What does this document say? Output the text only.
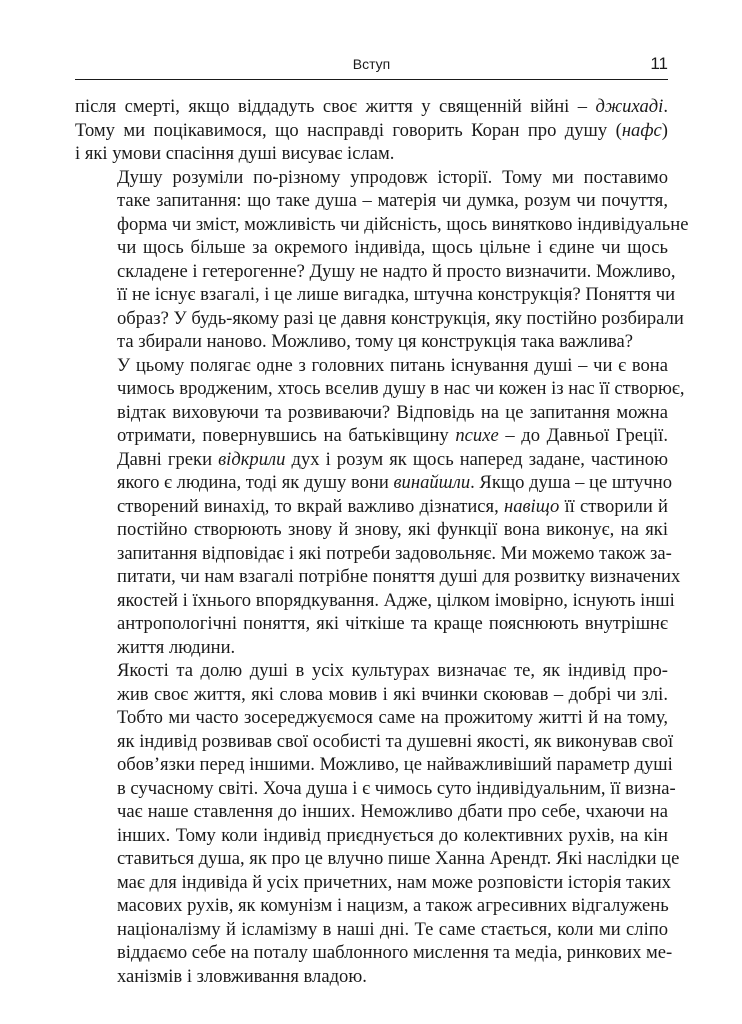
Вступ	11

після смерті, якщо віддадуть своє життя у священній війні – джихаді.
Тому ми поцікавимося, що насправді говорить Коран про душу (нафс)
і які умови спасіння душі висуває іслам.

Душу розуміли по-різному упродовж історії. Тому ми поставимо
таке запитання: що таке душа – матерія чи думка, розум чи почуття,
форма чи зміст, можливість чи дійсність, щось винятково індивідуальне
чи щось більше за окремого індивіда, щось цільне і єдине чи щось
складене і гетерогенне? Душу не надто й просто визначити. Можливо,
її не існує взагалі, і це лише вигадка, штучна конструкція? Поняття чи
образ? У будь-якому разі це давня конструкція, яку постійно розбирали
та збирали наново. Можливо, тому ця конструкція така важлива?

У цьому полягає одне з головних питань існування душі – чи є вона
чимось вродженим, хтось вселив душу в нас чи кожен із нас її створює,
відтак виховуючи та розвиваючи? Відповідь на це запитання можна
отримати, повернувшись на батьківщину психе – до Давньої Греції.
Давні греки відкрили дух і розум як щось наперед задане, частиною
якого є людина, тоді як душу вони винайшли. Якщо душа – це штучно
створений винахід, то вкрай важливо дізнатися, навіщо її створили й
постійно створюють знову й знову, які функції вона виконує, на які
запитання відповідає і які потреби задовольняє. Ми можемо також за-
питати, чи нам взагалі потрібне поняття душі для розвитку визначених
якостей і їхнього впорядкування. Адже, цілком імовірно, існують інші
антропологічні поняття, які чіткіше та краще пояснюють внутрішнє
життя людини.

Якості та долю душі в усіх культурах визначає те, як індивід про-
жив своє життя, які слова мовив і які вчинки скоював – добрі чи злі.
Тобто ми часто зосереджуємося саме на прожитому житті й на тому,
як індивід розвивав свої особисті та душевні якості, як виконував свої
обов’язки перед іншими. Можливо, це найважливіший параметр душі
в сучасному світі. Хоча душа і є чимось суто індивідуальним, її визна-
чає наше ставлення до інших. Неможливо дбати про себе, чхаючи на
інших. Тому коли індивід приєднується до колективних рухів, на кін
ставиться душа, як про це влучно пише Ханна Арендт. Які наслідки це
має для індивіда й усіх причетних, нам може розповісти історія таких
масових рухів, як комунізм і нацизм, а також агресивних відгалужень
націоналізму й ісламізму в наші дні. Те саме стається, коли ми сліпо
віддаємо себе на поталу шаблонного мислення та медіа, ринкових ме-
ханізмів і зловживання владою.
